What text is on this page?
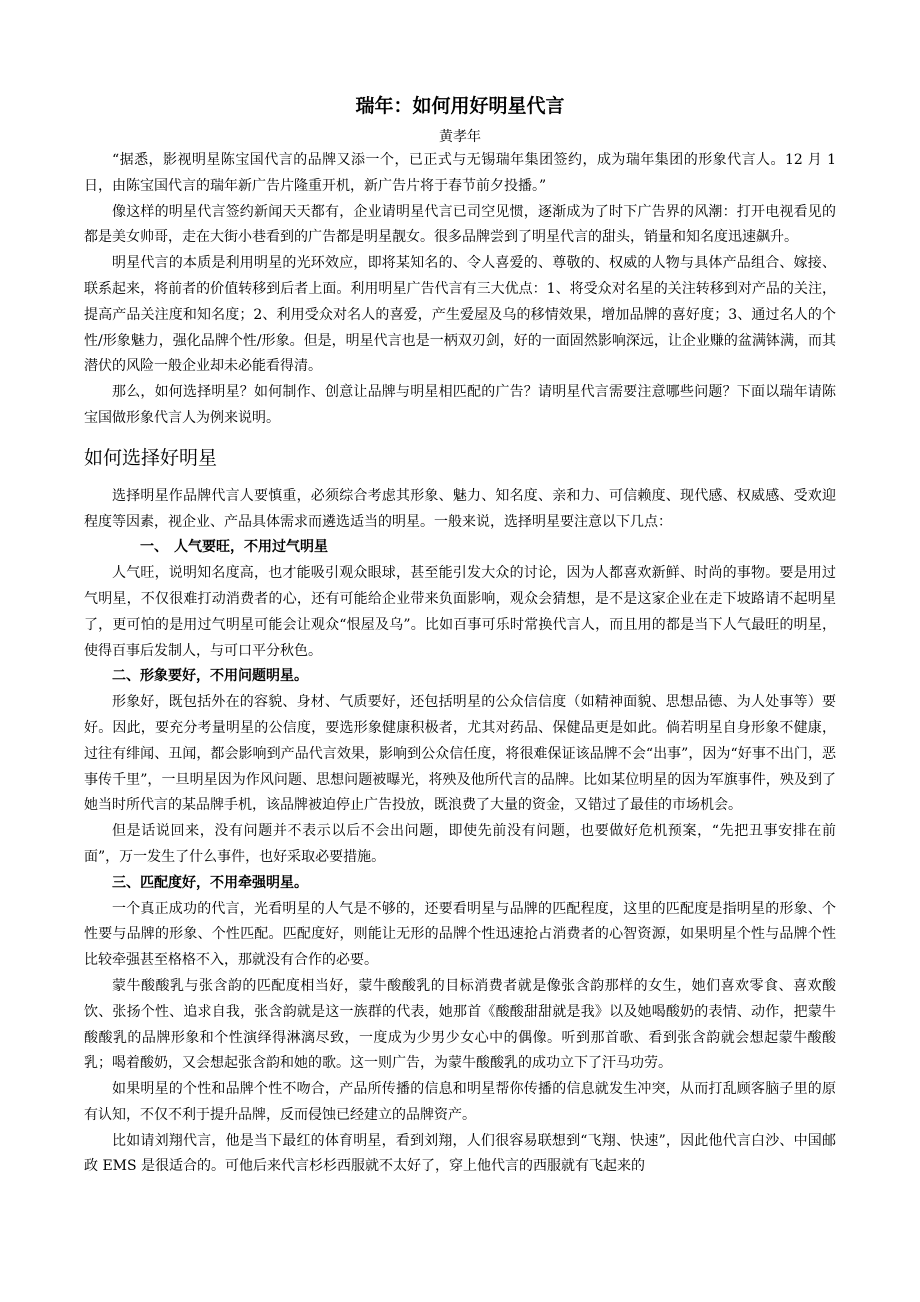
瑞年：如何用好明星代言
黄孝年

“据悉，影视明星陈宝国代言的品牌又添一个，已正式与无锡瑞年集团签约，成为瑞年集团的形象代言人。12 月 1 日，由陈宝国代言的瑞年新广告片隆重开机，新广告片将于春节前夕投播。”

像这样的明星代言签约新闻天天都有，企业请明星代言已司空见惯，逐渐成为了时下广告界的风潮：打开电视看见的都是美女帅哥，走在大街小巷看到的广告都是明星靓女。很多品牌尝到了明星代言的甜头，销量和知名度迅速飙升。

明星代言的本质是利用明星的光环效应，即将某知名的、令人喜爱的、尊敬的、权威的人物与具体产品组合、嫁接、联系起来，将前者的价值转移到后者上面。利用明星广告代言有三大优点：1、将受众对名星的关注转移到对产品的关注，提高产品关注度和知名度；2、利用受众对名人的喜爱，产生爱屋及乌的移情效果，增加品牌的喜好度；3、通过名人的个性/形象魅力，强化品牌个性/形象。但是，明星代言也是一柄双刃剑，好的一面固然影响深远，让企业赚的盆满钵满，而其潜伏的风险一般企业却未必能看得清。

那么，如何选择明星？如何制作、创意让品牌与明星相匹配的广告？请明星代言需要注意哪些问题？下面以瑞年请陈宝国做形象代言人为例来说明。

如何选择好明星

选择明星作品牌代言人要慎重，必须综合考虑其形象、魅力、知名度、亲和力、可信赖度、现代感、权威感、受欢迎程度等因素，视企业、产品具体需求而遴选适当的明星。一般来说，选择明星要注意以下几点：

一、 人气要旺，不用过气明星

人气旺，说明知名度高，也才能吸引观众眼球，甚至能引发大众的讨论，因为人都喜欢新鲜、时尚的事物。要是用过气明星，不仅很难打动消费者的心，还有可能给企业带来负面影响，观众会猜想，是不是这家企业在走下坡路请不起明星了，更可怕的是用过气明星可能会让观众“恨屋及乌”。比如百事可乐时常换代言人，而且用的都是当下人气最旺的明星，使得百事后发制人，与可口平分秋色。

二、形象要好，不用问题明星。

形象好，既包括外在的容貌、身材、气质要好，还包括明星的公众信信度（如精神面貌、思想品德、为人处事等）要好。因此，要充分考量明星的公信度，要选形象健康积极者，尤其对药品、保健品更是如此。倘若明星自身形象不健康，过往有绯闻、丑闻，都会影响到产品代言效果，影响到公众信任度，将很难保证该品牌不会“出事”，因为“好事不出门，恶事传千里”，一旦明星因为作风问题、思想问题被曝光，将殃及他所代言的品牌。比如某位明星的因为军旗事件，殃及到了她当时所代言的某品牌手机，该品牌被迫停止广告投放，既浪费了大量的资金，又错过了最佳的市场机会。

但是话说回来，没有问题并不表示以后不会出问题，即使先前没有问题，也要做好危机预案，“先把丑事安排在前面”，万一发生了什么事件，也好采取必要措施。

三、匹配度好，不用牵强明星。

一个真正成功的代言，光看明星的人气是不够的，还要看明星与品牌的匹配程度，这里的匹配度是指明星的形象、个性要与品牌的形象、个性匹配。匹配度好，则能让无形的品牌个性迅速抢占消费者的心智资源，如果明星个性与品牌个性比较牵强甚至格格不入，那就没有合作的必要。

蒙牛酸酸乳与张含韵的匹配度相当好，蒙牛酸酸乳的目标消费者就是像张含韵那样的女生，她们喜欢零食、喜欢酸饮、张扬个性、追求自我，张含韵就是这一族群的代表，她那首《酸酸甜甜就是我》以及她喝酸奶的表情、动作，把蒙牛酸酸乳的品牌形象和个性演绎得淋漓尽致，一度成为少男少女心中的偶像。听到那首歌、看到张含韵就会想起蒙牛酸酸乳；喝着酸奶，又会想起张含韵和她的歌。这一则广告，为蒙牛酸酸乳的成功立下了汗马功劳。

如果明星的个性和品牌个性不吻合，产品所传播的信息和明星帮你传播的信息就发生冲突，从而打乱顾客脑子里的原有认知，不仅不利于提升品牌，反而侵蚀已经建立的品牌资产。

比如请刘翔代言，他是当下最红的体育明星，看到刘翔，人们很容易联想到“飞翔、快速”，因此他代言白沙、中国邮政 EMS 是很适合的。可他后来代言杉杉西服就不太好了，穿上他代言的西服就有飞起来的
